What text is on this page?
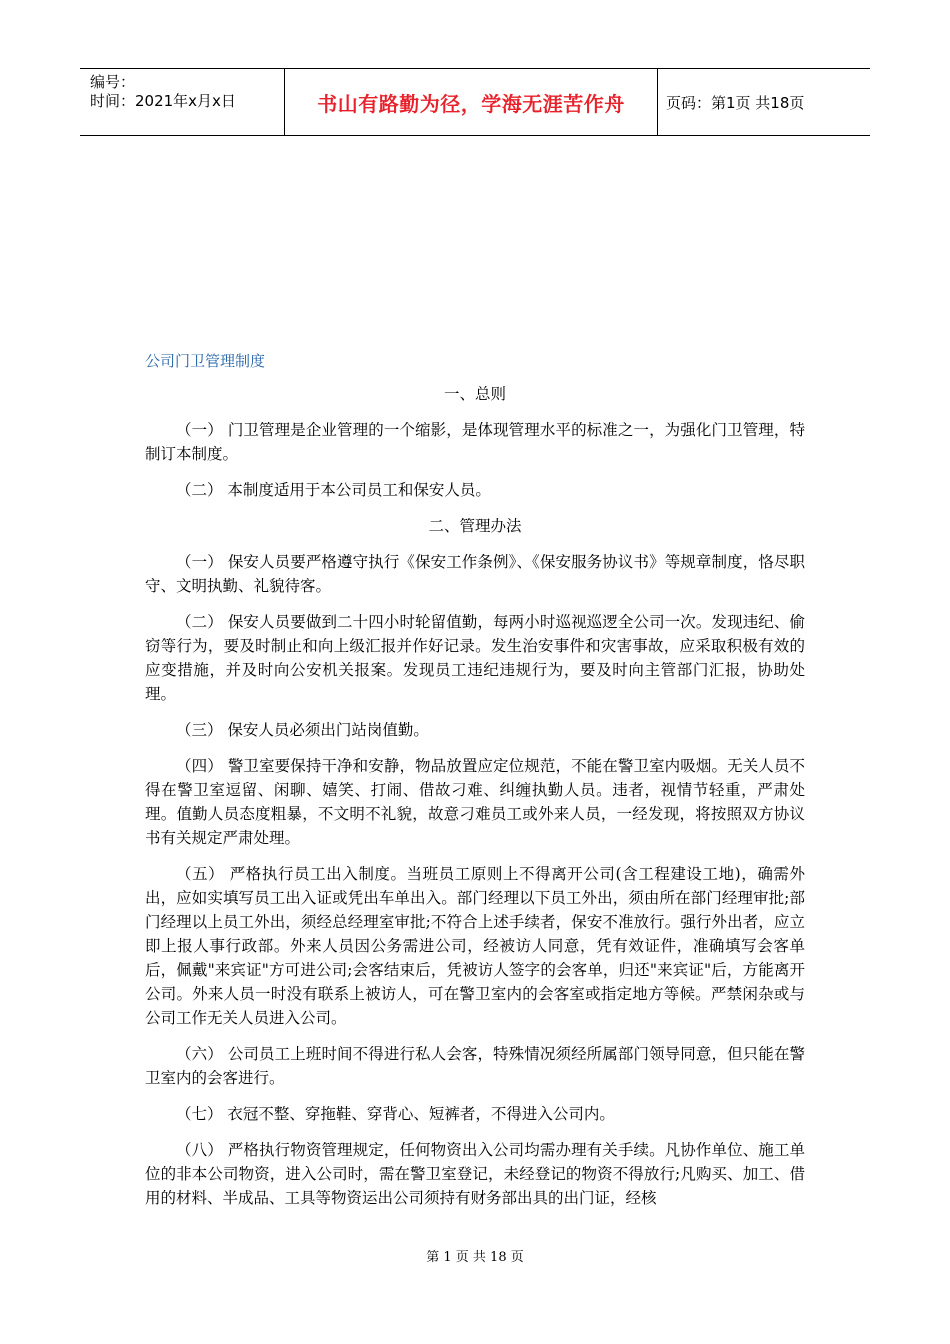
编号：
时间：2021年x月x日	书山有路勤为径，学海无涯苦作舟	页码：第1页 共18页
公司门卫管理制度

一、总则

（一） 门卫管理是企业管理的一个缩影，是体现管理水平的标准之一，为强化门卫管理，特制订本制度。

（二） 本制度适用于本公司员工和保安人员。

二、管理办法

（一） 保安人员要严格遵守执行《保安工作条例》、《保安服务协议书》等规章制度，恪尽职守、文明执勤、礼貌待客。

（二） 保安人员要做到二十四小时轮留值勤，每两小时巡视巡逻全公司一次。发现违纪、偷窃等行为，要及时制止和向上级汇报并作好记录。发生治安事件和灾害事故，应采取积极有效的应变措施，并及时向公安机关报案。发现员工违纪违规行为，要及时向主管部门汇报，协助处理。

（三） 保安人员必须出门站岗值勤。

（四） 警卫室要保持干净和安静，物品放置应定位规范，不能在警卫室内吸烟。无关人员不得在警卫室逗留、闲聊、嬉笑、打闹、借故刁难、纠缠执勤人员。违者，视情节轻重，严肃处理。值勤人员态度粗暴，不文明不礼貌，故意刁难员工或外来人员，一经发现，将按照双方协议书有关规定严肃处理。

（五） 严格执行员工出入制度。当班员工原则上不得离开公司(含工程建设工地)，确需外出，应如实填写员工出入证或凭出车单出入。部门经理以下员工外出，须由所在部门经理审批;部门经理以上员工外出，须经总经理室审批;不符合上述手续者，保安不准放行。强行外出者，应立即上报人事行政部。外来人员因公务需进公司，经被访人同意，凭有效证件，准确填写会客单后，佩戴"来宾证"方可进公司;会客结束后，凭被访人签字的会客单，归还"来宾证"后，方能离开公司。外来人员一时没有联系上被访人，可在警卫室内的会客室或指定地方等候。严禁闲杂或与公司工作无关人员进入公司。

（六） 公司员工上班时间不得进行私人会客，特殊情况须经所属部门领导同意，但只能在警卫室内的会客进行。

（七） 衣冠不整、穿拖鞋、穿背心、短裤者，不得进入公司内。

（八） 严格执行物资管理规定，任何物资出入公司均需办理有关手续。凡协作单位、施工单位的非本公司物资，进入公司时，需在警卫室登记，未经登记的物资不得放行;凡购买、加工、借用的材料、半成品、工具等物资运出公司须持有财务部出具的出门证，经核

第 1 页 共 18 页
